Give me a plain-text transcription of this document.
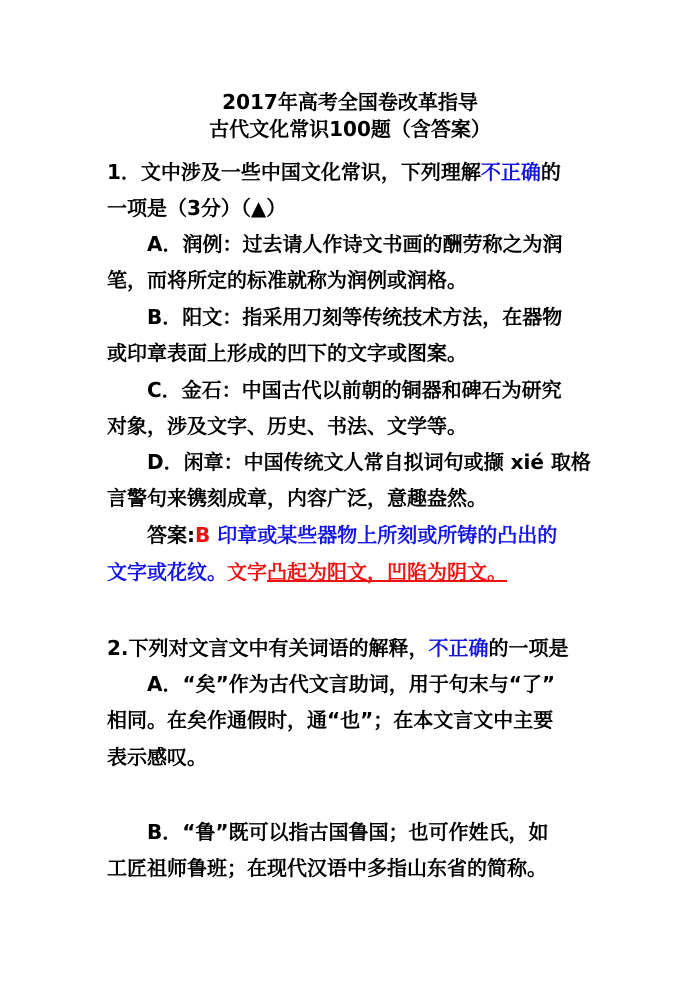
2017年高考全国卷改革指导
古代文化常识100题（含答案）
1．文中涉及一些中国文化常识，下列理解不正确的
一项是（3分）（▲）
A．润例：过去请人作诗文书画的酬劳称之为润
笔，而将所定的标准就称为润例或润格。
B．阳文：指采用刀刻等传统技术方法，在器物
或印章表面上形成的凹下的文字或图案。
C．金石：中国古代以前朝的铜器和碑石为研究
对象，涉及文字、历史、书法、文学等。
D．闲章：中国传统文人常自拟词句或撷 xié 取格
言警句来镌刻成章，内容广泛，意趣盎然。
答案:B 印章或某些器物上所刻或所铸的凸出的
文字或花纹。文字凸起为阳文，凹陷为阴文。
2.下列对文言文中有关词语的解释，不正确的一项是
A．“矣”作为古代文言助词，用于句末与“了”
相同。在矣作通假时，通“也”；在本文言文中主要
表示感叹。
B．“鲁”既可以指古国鲁国；也可作姓氏，如
工匠祖师鲁班；在现代汉语中多指山东省的简称。
